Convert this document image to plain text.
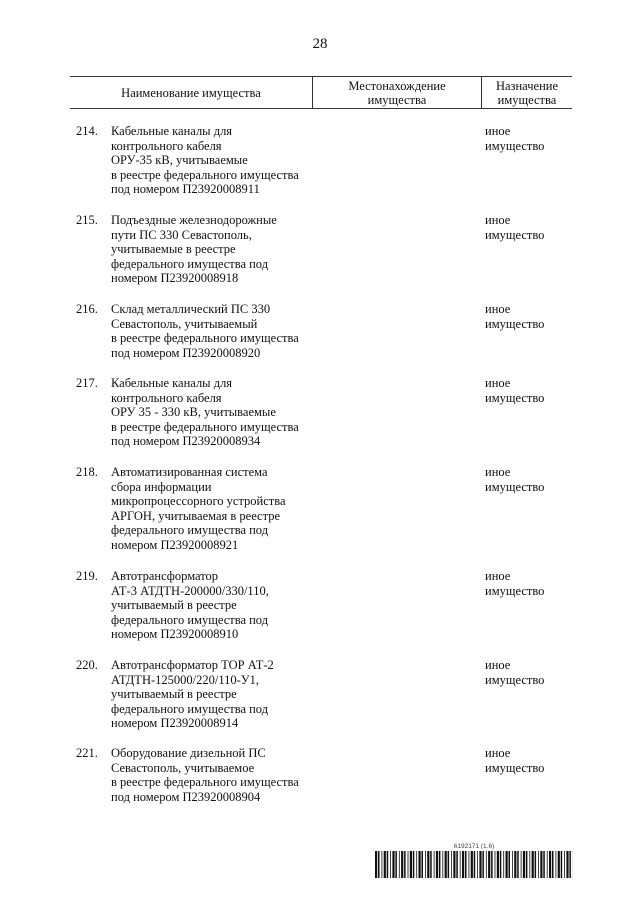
28
Наименование имущества	Местонахождение
имущества
Назначение
имущества
214. Кабельные каналы для
контрольного кабеля
ОРУ-35 кВ, учитываемые
в реестре федерального имущества
под номером П23920008911
иное
имущество
215. Подъездные железнодорожные
пути ПС 330 Севастополь,
учитываемые в реестре
федерального имущества под
номером П23920008918
иное
имущество
216. Склад металлический ПС 330
Севастополь, учитываемый
в реестре федерального имущества
под номером П23920008920
иное
имущество
217. Кабельные каналы для
контрольного кабеля
ОРУ 35 - 330 кВ, учитываемые
в реестре федерального имущества
под номером П23920008934
иное
имущество
218. Автоматизированная система
сбора информации
микропроцессорного устройства
АРГОН, учитываемая в реестре
федерального имущества под
номером П23920008921
иное
имущество
219. Автотрансформатор
АТ-3 АТДТН-200000/330/110,
учитываемый в реестре
федерального имущества под
номером П23920008910
иное
имущество
220. Автотрансформатор ТОР АТ-2
АТДТН-125000/220/110-У1,
учитываемый в реестре
федерального имущества под
номером П23920008914
иное
имущество
221. Оборудование дизельной ПС
Севастополь, учитываемое
в реестре федерального имущества
под номером П23920008904
иное
имущество
6192171 (1.6)
